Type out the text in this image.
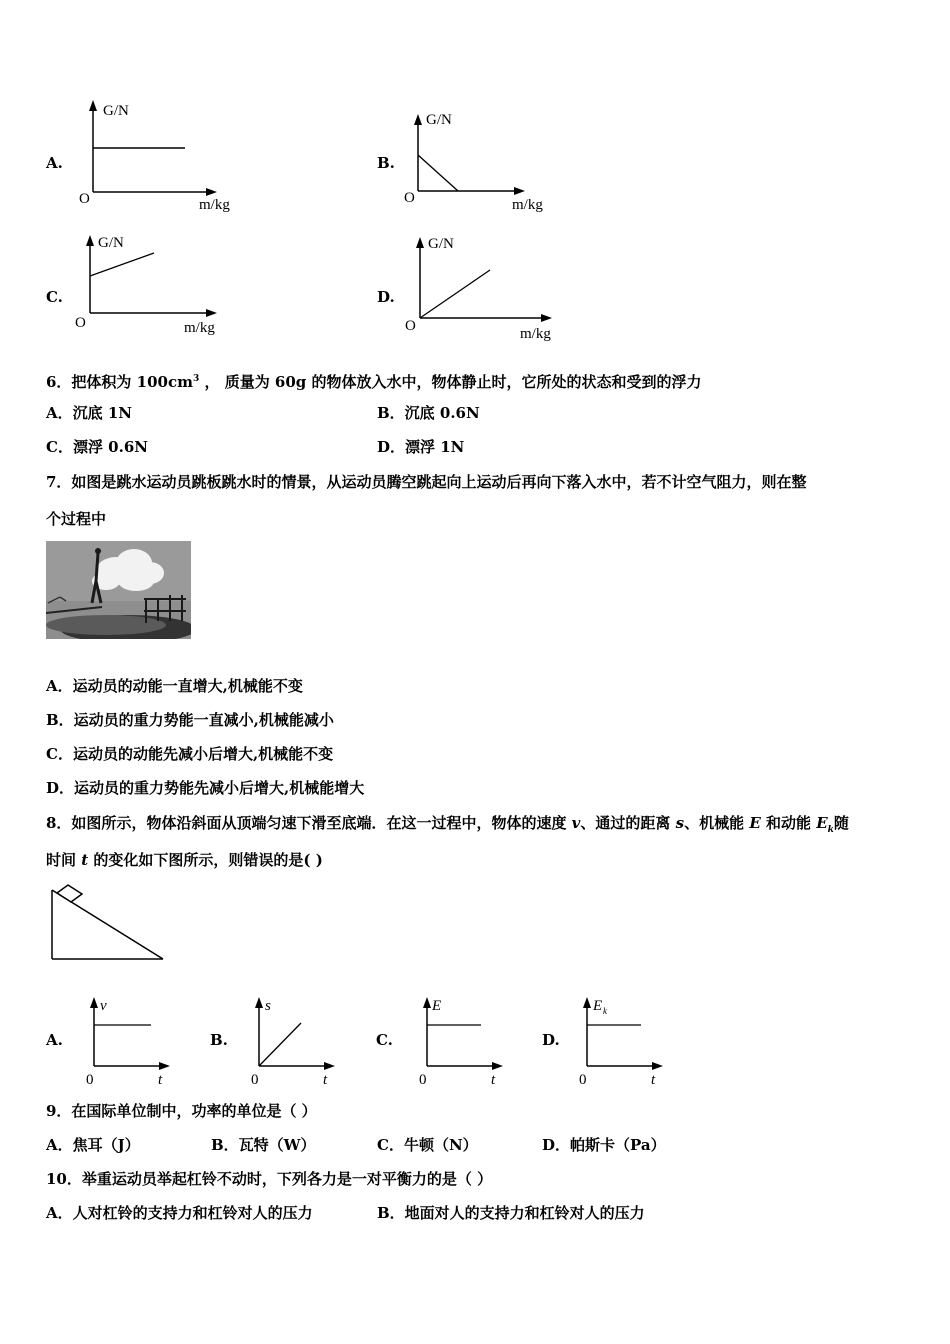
A.
G/N
O	m/kg
B.
G/N
O	m/kg
C.
G/N
O	m/kg
D.
G/N
O	m/kg
6．把体积为 $100cm^3$ ， 质量为 60g 的物体放入水中，物体静止时，它所处的状态和受到的浮力
A．沉底 1N	B．沉底 0.6N
C．漂浮 0.6N	D．漂浮 1N
7．如图是跳水运动员跳板跳水时的情景，从运动员腾空跳起向上运动后再向下落入水中，若不计空气阻力，则在整
个过程中
A．运动员的动能一直增大,机械能不变
B．运动员的重力势能一直减小,机械能减小
C．运动员的动能先减小后增大,机械能不变
D．运动员的重力势能先减小后增大,机械能增大
8．如图所示，物体沿斜面从顶端匀速下滑至底端．在这一过程中，物体的速度 v、通过的距离 s、机械能 E 和动能 $E_k$随
时间 t 的变化如下图所示，则错误的是( )
A.
v
0	t
B.
s
0	t
C.
E
0	t
D.
E k
0	t
9．在国际单位制中，功率的单位是（ ）
A．焦耳（J）	B．瓦特（W）	C．牛顿（N）	D．帕斯卡（Pa）
10．举重运动员举起杠铃不动时，下列各力是一对平衡力的是（ ）
A．人对杠铃的支持力和杠铃对人的压力	B．地面对人的支持力和杠铃对人的压力
